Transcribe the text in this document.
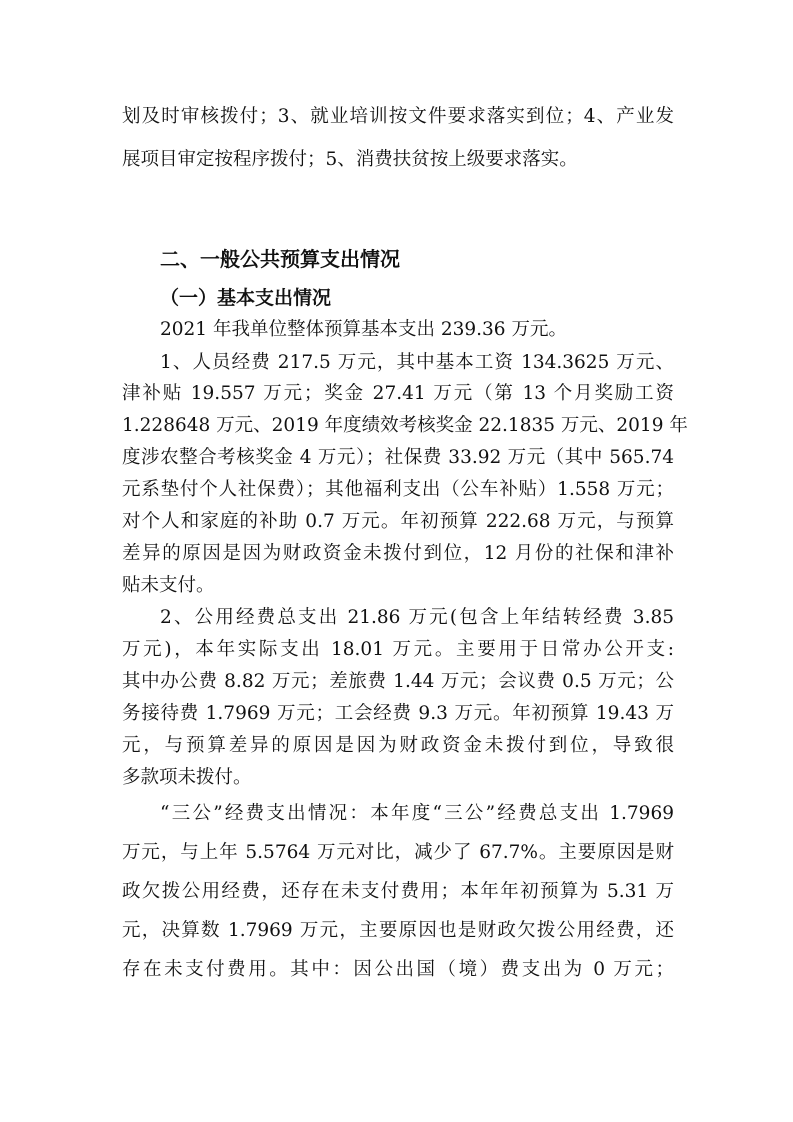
划及时审核拨付；3、就业培训按文件要求落实到位；4、产业发
展项目审定按程序拨付；5、消费扶贫按上级要求落实。
二、一般公共预算支出情况
（一）基本支出情况
2021 年我单位整体预算基本支出 239.36 万元。
1、人员经费 217.5 万元，其中基本工资 134.3625 万元、
津补贴 19.557 万元；奖金 27.41 万元（第 13 个月奖励工资
1.228648 万元、2019 年度绩效考核奖金 22.1835 万元、2019 年
度涉农整合考核奖金 4 万元）；社保费 33.92 万元（其中 565.74
元系垫付个人社保费）；其他福利支出（公车补贴）1.558 万元；
对个人和家庭的补助 0.7 万元。年初预算 222.68 万元，与预算
差异的原因是因为财政资金未拨付到位，12 月份的社保和津补
贴未支付。
2、公用经费总支出 21.86 万元(包含上年结转经费 3.85
万元)，本年实际支出 18.01 万元。主要用于日常办公开支:
其中办公费 8.82 万元；差旅费 1.44 万元；会议费 0.5 万元；公
务接待费 1.7969 万元；工会经费 9.3 万元。年初预算 19.43 万
元，与预算差异的原因是因为财政资金未拨付到位，导致很
多款项未拨付。
“三公”经费支出情况：本年度“三公”经费总支出 1.7969
万元，与上年 5.5764 万元对比，减少了 67.7%。主要原因是财
政欠拨公用经费，还存在未支付费用；本年年初预算为 5.31 万
元，决算数 1.7969 万元，主要原因也是财政欠拨公用经费，还
存在未支付费用。其中：因公出国（境）费支出为 0 万元；
